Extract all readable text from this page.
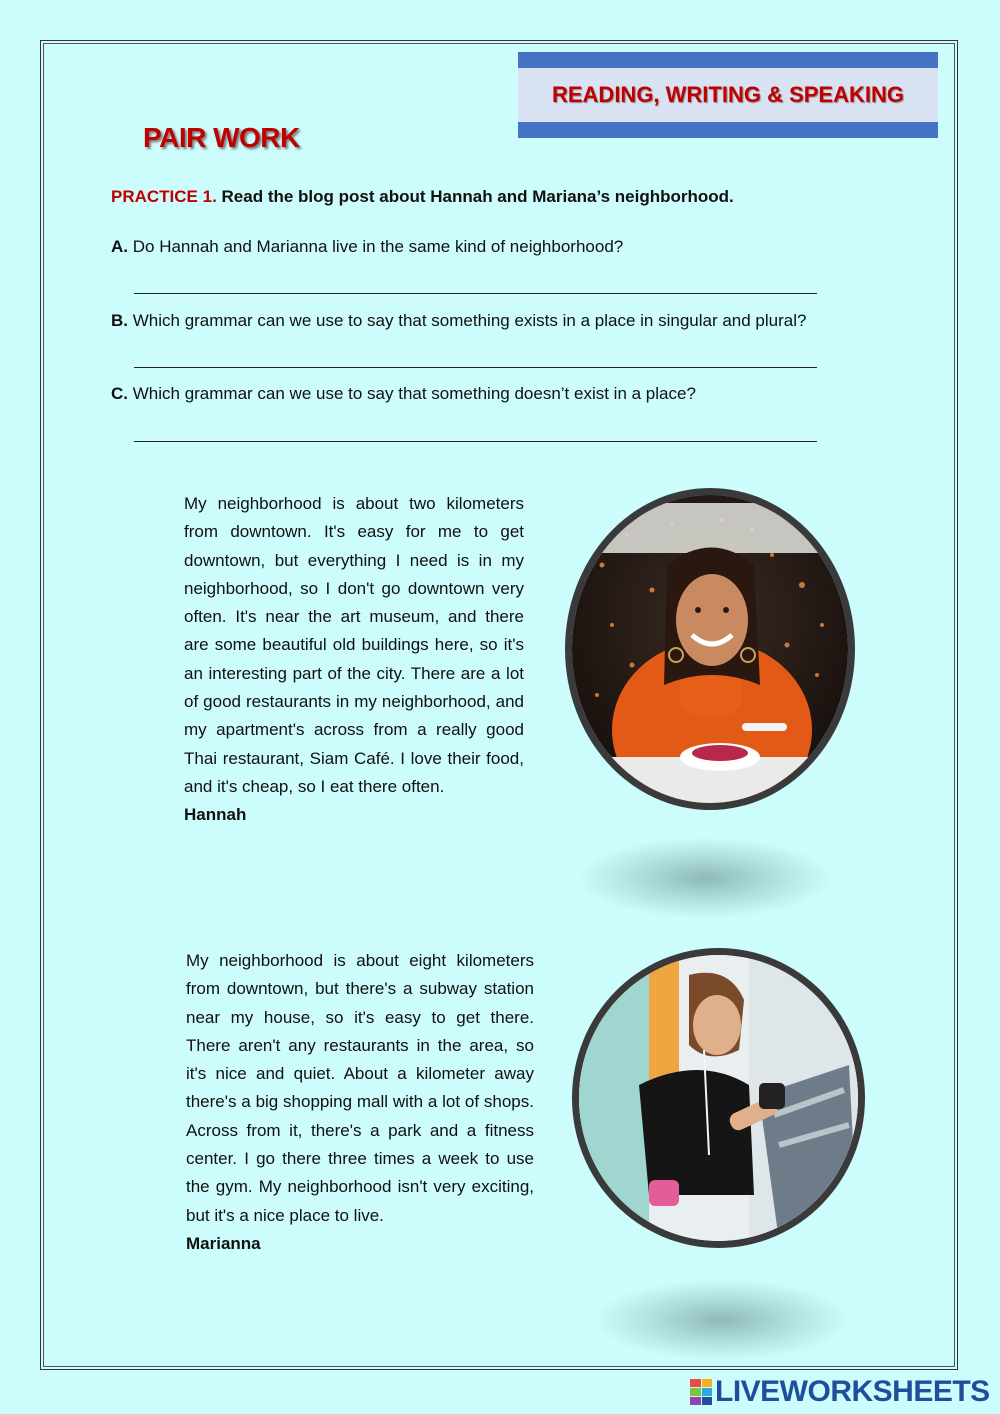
READING, WRITING & SPEAKING
PAIR WORK
PRACTICE 1. Read the blog post about Hannah and Mariana’s neighborhood.
A. Do Hannah and Marianna live in the same kind of neighborhood?
B. Which grammar can we use to say that something exists in a place in singular and plural?
C. Which grammar can we use to say that something doesn’t exist in a place?
My neighborhood is about two kilometers from downtown. It's easy for me to get downtown, but everything I need is in my neighborhood, so I don't go downtown very often. It's near the art museum, and there are some beautiful old buildings here, so it's an interesting part of the city. There are a lot of good restaurants in my neighborhood, and my apartment's across from a really good Thai restaurant, Siam Café. I love their food, and it's cheap, so I eat there often.
Hannah
My neighborhood is about eight kilometers from downtown, but there's a subway station near my house, so it's easy to get there. There aren't any restaurants in the area, so it's nice and quiet. About a kilometer away there's a big shopping mall with a lot of shops. Across from it, there's a park and a fitness center. I go there three times a week to use the gym. My neighborhood isn't very exciting, but it's a nice place to live.
Marianna
LIVEWORKSHEETS
